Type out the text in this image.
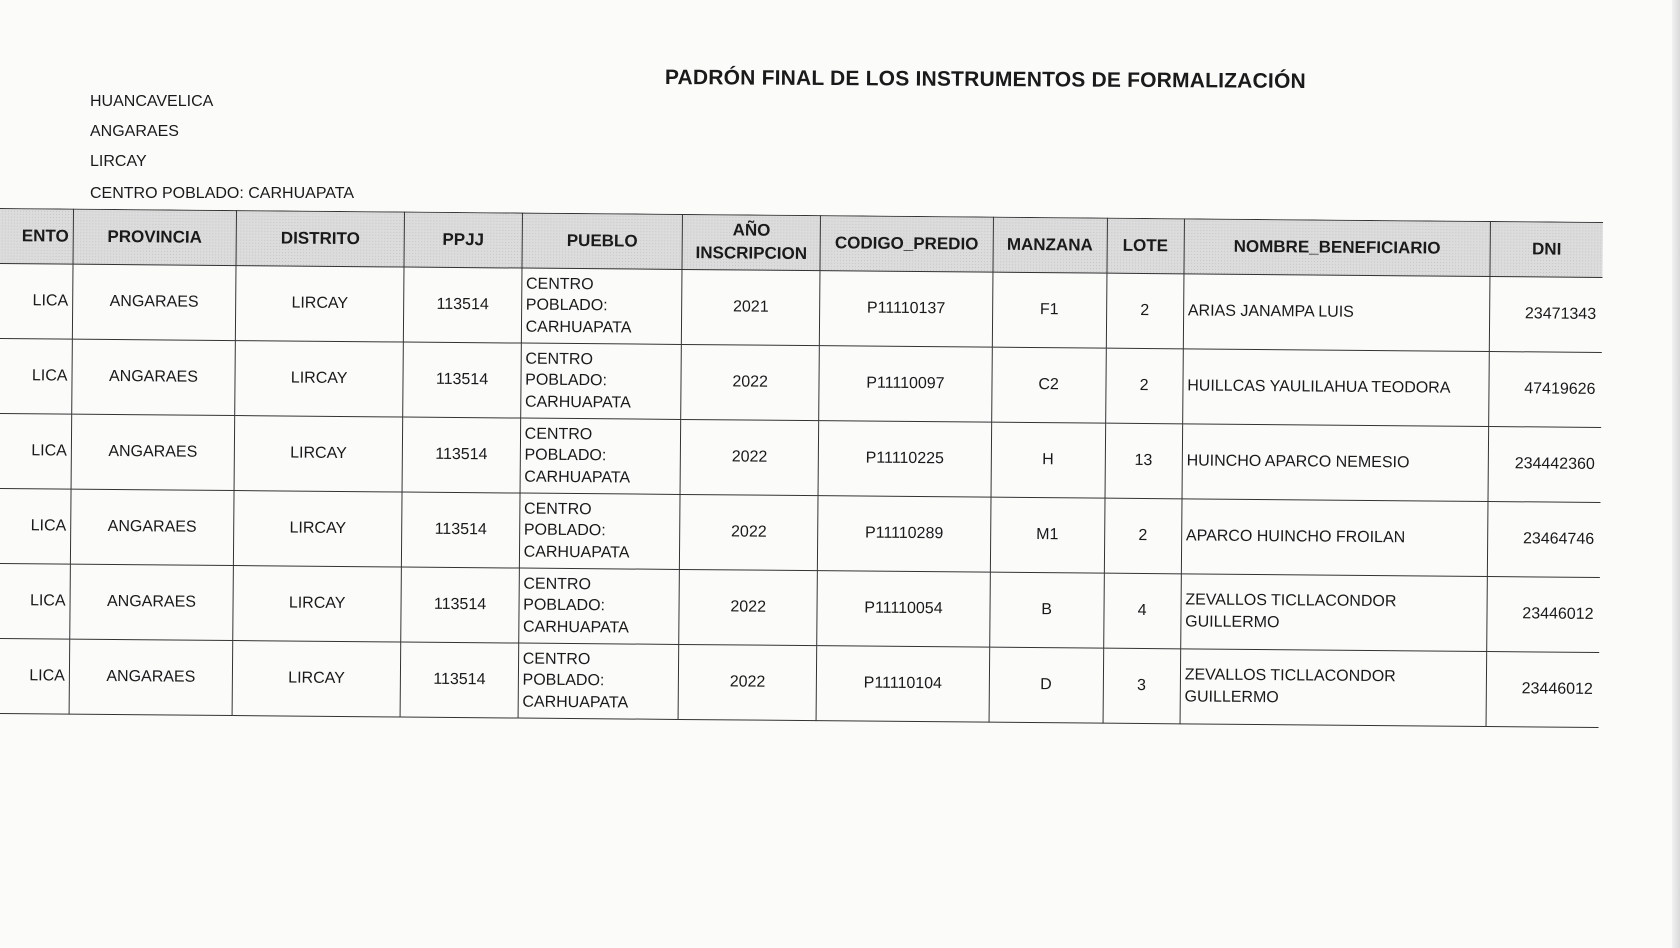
PADRÓN FINAL DE LOS INSTRUMENTOS DE FORMALIZACIÓN
HUANCAVELICA
ANGARAES
LIRCAY
CENTRO POBLADO: CARHUAPATA
ENTO	PROVINCIA	DISTRITO	PPJJ	PUEBLO	AÑO INSCRIPCION	CODIGO_PREDIO	MANZANA	LOTE	NOMBRE_BENEFICIARIO	DNI
LICA	ANGARAES	LIRCAY	113514	CENTRO POBLADO: CARHUAPATA	2021	P11110137	F1	2	ARIAS JANAMPA LUIS	23471343
LICA	ANGARAES	LIRCAY	113514	CENTRO POBLADO: CARHUAPATA	2022	P11110097	C2	2	HUILLCAS YAULILAHUA TEODORA	47419626
LICA	ANGARAES	LIRCAY	113514	CENTRO POBLADO: CARHUAPATA	2022	P11110225	H	13	HUINCHO APARCO NEMESIO	234442360
LICA	ANGARAES	LIRCAY	113514	CENTRO POBLADO: CARHUAPATA	2022	P11110289	M1	2	APARCO HUINCHO FROILAN	23464746
LICA	ANGARAES	LIRCAY	113514	CENTRO POBLADO: CARHUAPATA	2022	P11110054	B	4	ZEVALLOS TICLLACONDOR GUILLERMO	23446012
LICA	ANGARAES	LIRCAY	113514	CENTRO POBLADO: CARHUAPATA	2022	P11110104	D	3	ZEVALLOS TICLLACONDOR GUILLERMO	23446012
